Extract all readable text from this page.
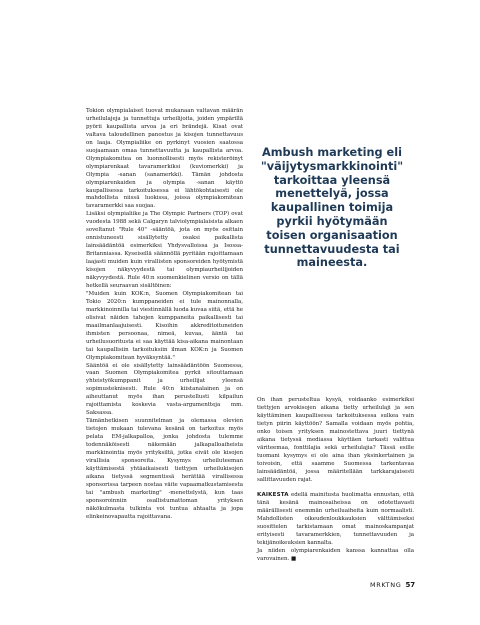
Tokion olympialaiset tuovat mukanaan valtavan määrän urheilulajeja ja tunnettuja urheilijoita, joiden ympärillä pyörii kaupallista arvoa ja eri brändejä. Kisat ovat valtava taloudellinen panostus ja kisojen tunnettavuus on laaja. Olympialiike on pyrkinyt vuosien saatossa suojaamaan omaa tunnettavuutta ja kaupallista arvoa. Olympiakomitea on luonnollisesti myös rekisteröinyt olympiarenkaat tavaramerkiksi (kuviomerkki) ja Olympia -sanan (sanamerkki). Tämän johdosta olympiarenkaiden ja olympia -sanan käyttö kaupallisessa tarkoituksessa ei lähtökohtaisesti ole mahdollista niissä luokissa, joissa olympiakomitean tavaramerkki saa suojaa.

Lisäksi olympialiike ja The Olympic Partners (TOP) ovat vuodesta 1988 sekä Calgaryn talviolympialaisista alkaen soveltanut "Rule 40" -sääntöä, jota on myös osittain onnistuneesti sisällytetty osaksi paikallista lainsäädäntöä esimerkiksi Yhdysvalloissa ja Isossa-Britanniassa. Kyseisellä säännöllä pyritään rajoittamaan laajasti muiden kuin virallisten sponsoreiden hyötymistä kisojen näkyvyydestä tai olympiaurheilijoiden näkyvyydestä. Rule 40:n suomenkielinen versio on tällä hetkellä seuraavan sisältöinen:

"Muiden kuin KOK:n, Suomen Olympiakomitean tai Tokio 2020:n kumppaneiden ei tule mainonnalla, markkinoinnilla tai viestinnällä luoda kuvaa siitä, että he olisivat näiden tahojen kumppaneita paikallisesti tai maailmanlaajuisesti. Kisoihin akkreditoituneiden ihmisten persoonaa, nimeä, kuvaa, ääntä tai urheilusuoritusta ei saa käyttää kisa-aikana mainontaan tai kaupallisiin tarkoituksiin ilman KOK:n ja Suomen Olympiakomitean hyväksyntää."

Sääntöä ei ole sisällytetty lainsäädäntöön Suomessa, vaan Suomen Olympiakomitea pyrkii sitouttamaan yhteistyökumppanit ja urheilijat yleensä sopimusteknisesti. Rule 40:n kiistanalainen ja on aiheuttanut myös ihan perustellusti kilpailun rajoittamista koskevia vasta-argumentteja mm. Saksassa.

Tämänhetkisen suunnitelman ja olemassa olevien tietojen mukaan tulevana kesänä on tarkoitus myös pelata EM-jalkapalloa, jonka johdosta tulemme todennäköisesti näkemään jalkapalloaiheista markkinointia myös yrityksiltä, jotka eivät ole kisojen virallisia sponsoreita. Kysymys urheiluteeman käyttämisestä yhtäaikaisesti tiettyjen urheilukisojen aikana tietyssä segmentissä herättää virallisessa sponsorissa tarpeen nostaa väite vapaamatkustamisesta tai "ambush marketing" -menettelystä, kun taas sponsoroinniin osallistumattoman yrityksen näkökulmasta tulkinta voi tuntua ahtaalta ja jopa elinkeinovapautta rajoittavana.

Ambush marketing eli "väijytysmarkkinointi" tarkoittaa yleensä menettelyä, jossa kaupallinen toimija pyrkii hyötymään toisen organisaation tunnettavuudesta tai maineesta.

On ihan perusteltua kysyä, voidaanko esimerkiksi tiettyjen arvokisojen aikana tietty urheilulaji ja sen käyttäminen kaupallisessa tarkoituksessa sulkea vain tietyn piirin käyttöön? Samalla voidaan myös pohtia, onko toisen yrityksen mainostettava juuri tiettynä aikana tietyssä mediassa käyttäen tarkasti valittua väriteemaa, fonttilajia sekä urheilulajia? Tässä esille tuomani kysymys ei ole aina ihan yksinkertainen ja toivoisin, että saamme Suomessa tarkentavaa lainsäädäntöä, jossa määritellään tarkkarajaisesti sallittavuuden rajat.

KAIKESTA edellä mainitusta huolimatta ennustan, että tänä kesänä mainosaiheissa on odotettavasti määrällisesti enemmän urheiluaiheita kuin normaalisti. Mahdollisten oikeudenloukkauksien välttämiseksi suosittelen tarkistamaan omat mainoskampanjat erityisesti tavaramerkkien, tunnettavuuden ja tekijänoikeuksien kannalta.

Ja niiden olympiarenkaiden kanssa kannattaa olla varovainen. ■

MRKTNG 57
